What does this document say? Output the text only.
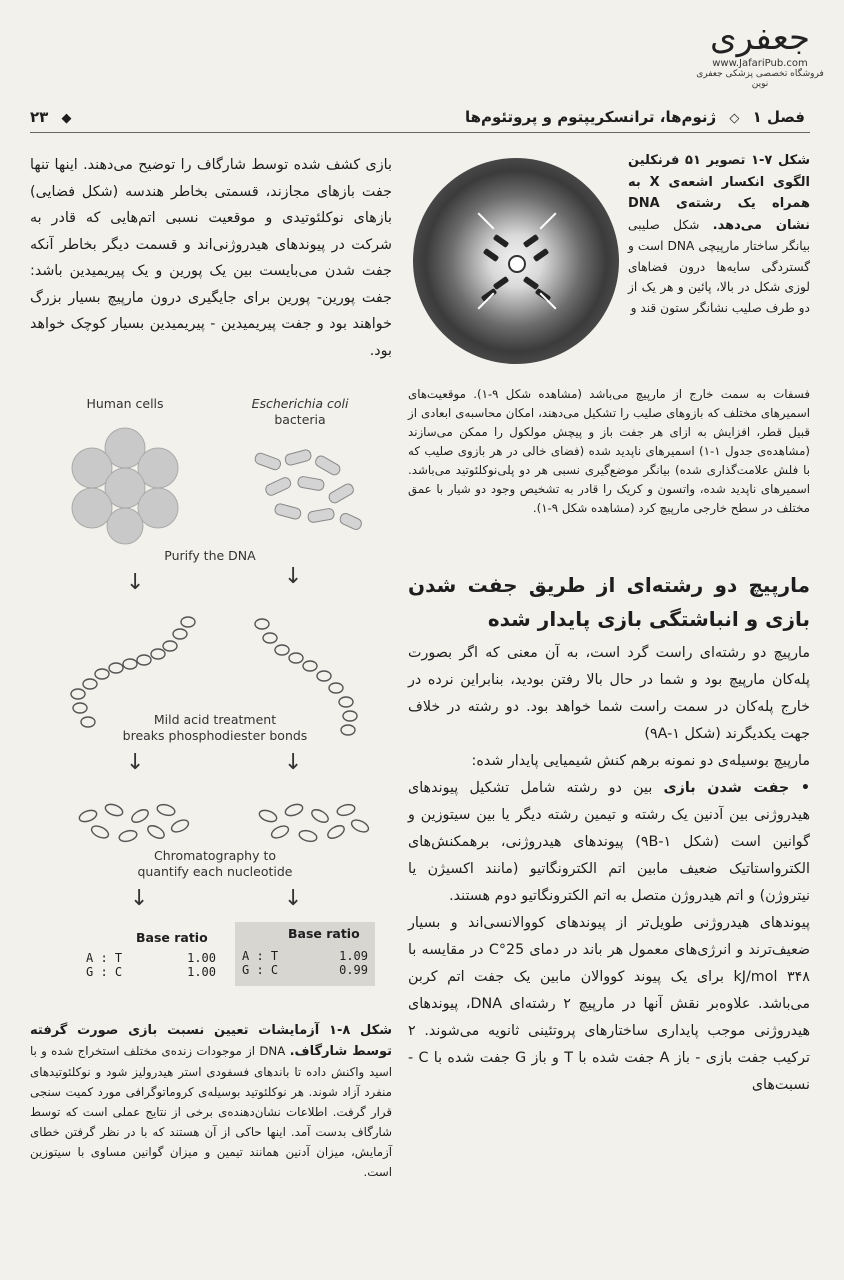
جعفری
www.JafariPub.com
فروشگاه تخصصی پزشکی جعفری نوین
فصل ۱ ◇ ژنوم‌ها، ترانسکریپتوم و پروتئوم‌ها
◆ ۲۳
شکل ۷-۱ تصویر ۵۱ فرنکلین الگوی انکسار اشعه‌ی X به همراه یک رشته‌ی DNA نشان می‌دهد. شکل صلیبی بیانگر ساختار مارپیچی DNA است و گستردگی سایه‌ها درون فضاهای لوزی شکل در بالا، پائین و هر یک از دو طرف صلیب نشانگر ستون قند و
فسفات به سمت خارج از مارپیچ می‌باشد (مشاهده شکل ۹-۱). موقعیت‌های اسمیرهای مختلف که بازوهای صلیب را تشکیل می‌دهند، امکان محاسبه‌ی ابعادی از قبیل قطر، افزایش به ازای هر جفت باز و پیچش مولکول را ممکن می‌سازند (مشاهده‌ی جدول ۱-۱) اسمیرهای ناپدید شده (فضای خالی در هر بازوی صلیب که با فلش علامت‌گذاری شده) بیانگر موضع‌گیری نسبی هر دو پلی‌نوکلئوتید می‌باشد. اسمیرهای ناپدید شده، واتسون و کریک را قادر به تشخیص وجود دو شیار با عمق مختلف در سطح خارجی مارپیچ کرد (مشاهده شکل ۹-۱).
مارپیچ دو رشته‌ای از طریق جفت شدن بازی و انباشتگی بازی پایدار شده

مارپیچ دو رشته‌ای راست گرد است، به آن معنی که اگر بصورت پله‌کان مارپیچ بود و شما در حال بالا رفتن بودید، بنابراین نرده در خارج پله‌کان در سمت راست شما خواهد بود. دو رشته در خلاف جهت یکدیگرند (شکل ۹A-۱)

مارپیچ بوسیله‌ی دو نمونه برهم کنش شیمیایی پایدار شده:

• جفت شدن بازی بین دو رشته شامل تشکیل پیوندهای هیدروژنی بین آدنین یک رشته و تیمین رشته دیگر یا بین سیتوزین و گوانین است (شکل ۹B-۱) پیوندهای هیدروژنی، برهمکنش‌های الکترواستاتیک ضعیف مابین اتم الکترونگاتیو (مانند اکسیژن یا نیتروژن) و اتم هیدروژن متصل به اتم الکترونگاتیو دوم هستند.

پیوندهای هیدروژنی طویل‌تر از پیوندهای کووالانسی‌اند و بسیار ضعیف‌ترند و انرژی‌های معمول هر باند در دمای 25°C در مقایسه با ۳۴۸ kJ/mol برای یک پیوند کووالان مابین یک جفت اتم کربن می‌باشد. علاوه‌بر نقش آنها در مارپیچ ۲ رشته‌ای DNA، پیوندهای هیدروژنی موجب پایداری ساختارهای پروتئینی ثانویه می‌شوند. ۲ ترکیب جفت بازی - باز A جفت شده با T و باز G جفت شده با C - نسبت‌های

بازی کشف شده توسط شارگاف را توضیح می‌دهند. اینها تنها جفت بازهای مجازند، قسمتی بخاطر هندسه (شکل فضایی) بازهای نوکلئوتیدی و موقعیت نسبی اتم‌هایی که قادر به شرکت در پیوندهای هیدروژنی‌اند و قسمت دیگر بخاطر آنکه جفت شدن می‌بایست بین یک پورین و یک پیریمیدین باشد: جفت پورین- پورین برای جایگیری درون مارپیچ بسیار بزرگ خواهند بود و جفت پیریمیدین - پیریمیدین بسیار کوچک خواهد بود.

Human cells	Escherichia coli
bacteria
Purify the DNA
↓	↓
Mild acid treatment
breaks phosphodiester bonds
↓	↓
Chromatography to
quantify each nucleotide
↓	↓
Base ratio
A : T	1.00
G : C	1.00
Base ratio
A : T	1.09
G : C	0.99
شکل ۸-۱ آزمایشات تعیین نسبت بازی صورت گرفته توسط شارگاف. DNA از موجودات زنده‌ی مختلف استخراج شده و با اسید واکنش داده تا باندهای فسفودی استر هیدرولیز شود و نوکلئوتیدهای منفرد آزاد شوند. هر نوکلئوتید بوسیله‌ی کروماتوگرافی مورد کمیت سنجی قرار گرفت. اطلاعات نشان‌دهنده‌ی برخی از نتایج عملی است که توسط شارگاف بدست آمد. اینها حاکی از آن هستند که با در نظر گرفتن خطای آزمایش، میزان آدنین همانند تیمین و میزان گوانین مساوی با سیتوزین است.
